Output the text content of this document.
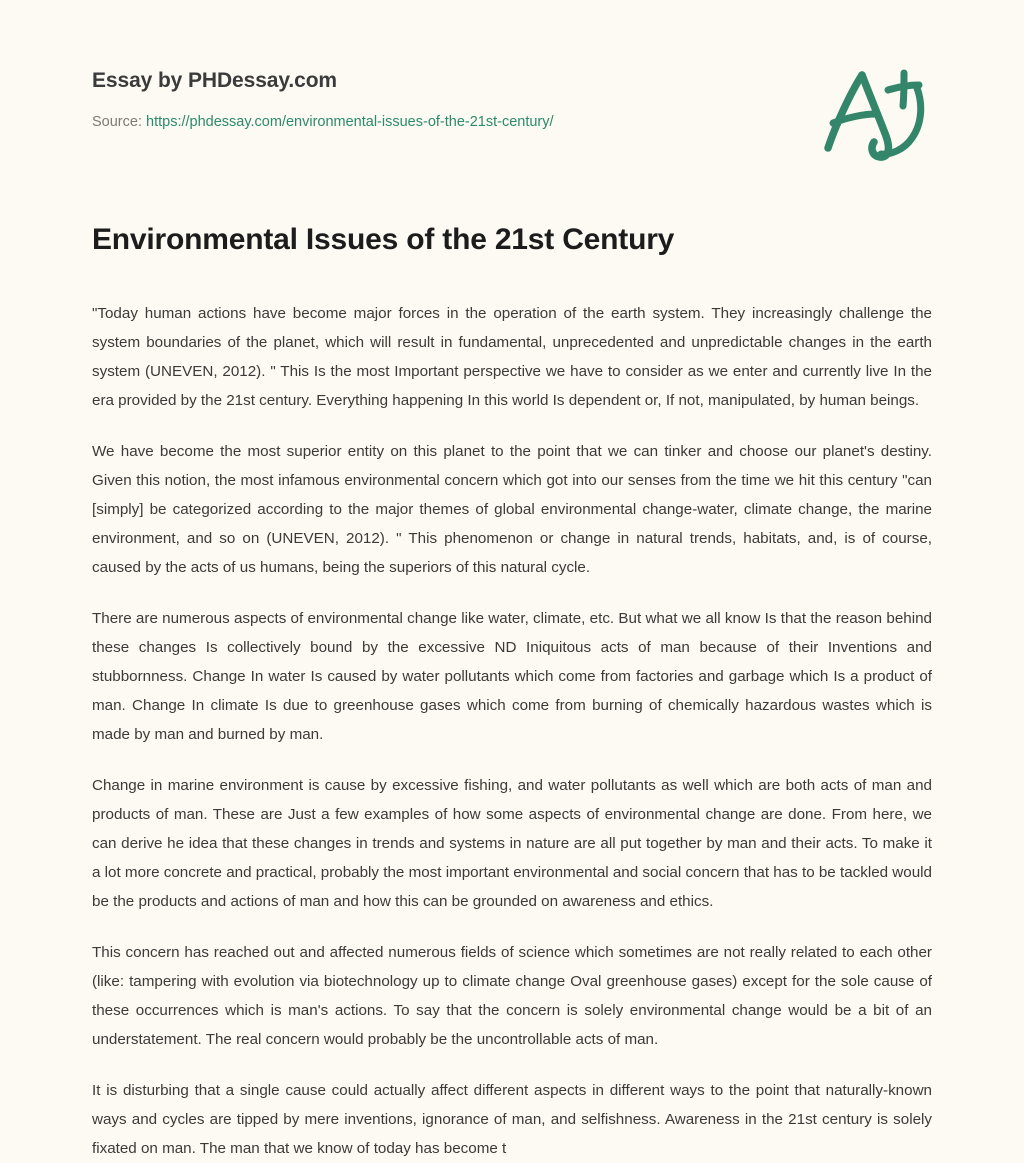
Essay by PHDessay.com
Source: https://phdessay.com/environmental-issues-of-the-21st-century/
Environmental Issues of the 21st Century

"Today human actions have become major forces in the operation of the earth system. They increasingly challenge the system boundaries of the planet, which will result in fundamental, unprecedented and unpredictable changes in the earth system (UNEVEN, 2012). " This Is the most Important perspective we have to consider as we enter and currently live In the era provided by the 21st century. Everything happening In this world Is dependent or, If not, manipulated, by human beings.

We have become the most superior entity on this planet to the point that we can tinker and choose our planet's destiny. Given this notion, the most infamous environmental concern which got into our senses from the time we hit this century "can [simply] be categorized according to the major themes of global environmental change-water, climate change, the marine environment, and so on (UNEVEN, 2012). " This phenomenon or change in natural trends, habitats, and, is of course, caused by the acts of us humans, being the superiors of this natural cycle.

There are numerous aspects of environmental change like water, climate, etc. But what we all know Is that the reason behind these changes Is collectively bound by the excessive ND Iniquitous acts of man because of their Inventions and stubbornness. Change In water Is caused by water pollutants which come from factories and garbage which Is a product of man. Change In climate Is due to greenhouse gases which come from burning of chemically hazardous wastes which is made by man and burned by man.

Change in marine environment is cause by excessive fishing, and water pollutants as well which are both acts of man and products of man. These are Just a few examples of how some aspects of environmental change are done. From here, we can derive he idea that these changes in trends and systems in nature are all put together by man and their acts. To make it a lot more concrete and practical, probably the most important environmental and social concern that has to be tackled would be the products and actions of man and how this can be grounded on awareness and ethics.

This concern has reached out and affected numerous fields of science which sometimes are not really related to each other (like: tampering with evolution via biotechnology up to climate change Oval greenhouse gases) except for the sole cause of these occurrences which is man's actions. To say that the concern is solely environmental change would be a bit of an understatement. The real concern would probably be the uncontrollable acts of man.

It is disturbing that a single cause could actually affect different aspects in different ways to the point that naturally-known ways and cycles are tipped by mere inventions, ignorance of man, and selfishness. Awareness in the 21st century is solely fixated on man. The man that we know of today has become t
